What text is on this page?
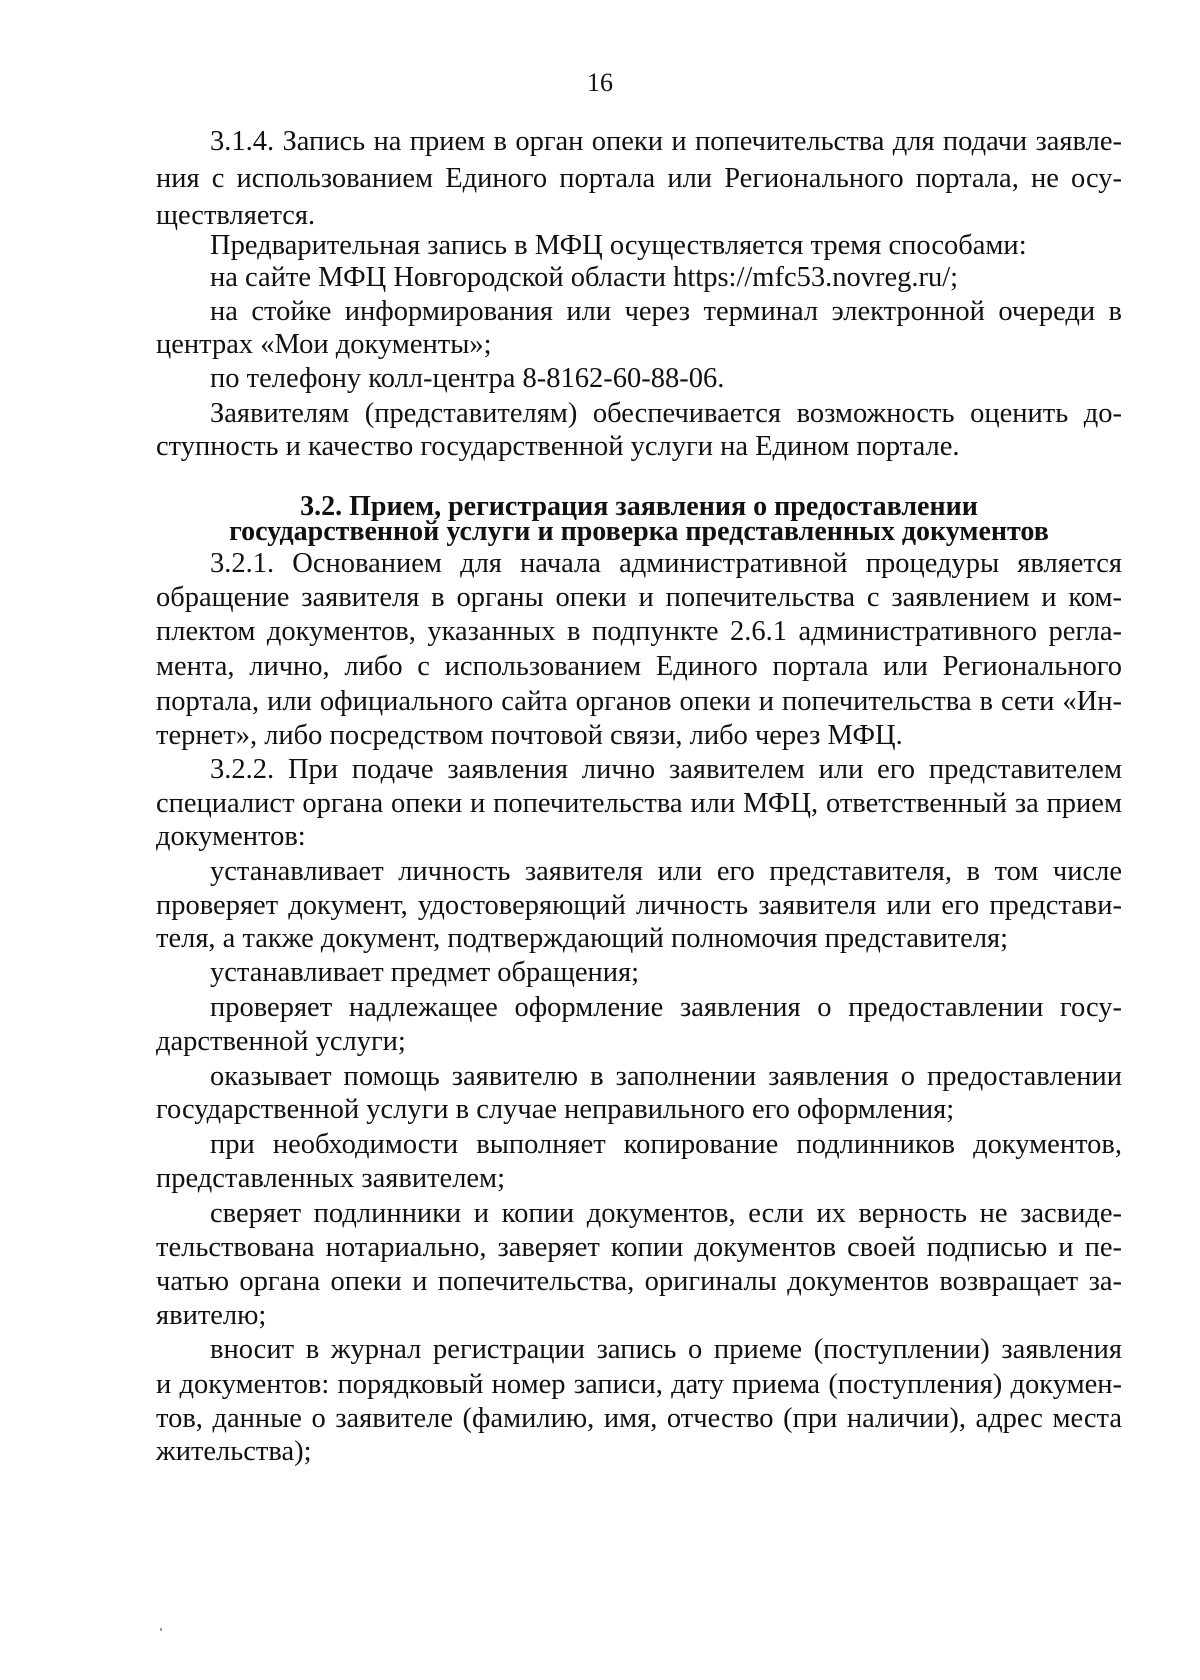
16
3.1.4. Запись на прием в орган опеки и попечительства для подачи заявле-
ния с использованием Единого портала или Регионального портала, не осу-
ществляется.
Предварительная запись в МФЦ осуществляется тремя способами:
на сайте МФЦ Новгородской области https://mfc53.novreg.ru/;
на стойке информирования или через терминал электронной очереди в
центрах «Мои документы»;
по телефону колл-центра 8-8162-60-88-06.
Заявителям (представителям) обеспечивается возможность оценить до-
ступность и качество государственной услуги на Едином портале.
3.2. Прием, регистрация заявления о предоставлении
государственной услуги и проверка представленных документов
3.2.1. Основанием для начала административной процедуры является
обращение заявителя в органы опеки и попечительства с заявлением и ком-
плектом документов, указанных в подпункте 2.6.1 административного регла-
мента, лично, либо с использованием Единого портала или Регионального
портала, или официального сайта органов опеки и попечительства в сети «Ин-
тернет», либо посредством почтовой связи, либо через МФЦ.
3.2.2. При подаче заявления лично заявителем или его представителем
специалист органа опеки и попечительства или МФЦ, ответственный за прием
документов:
устанавливает личность заявителя или его представителя, в том числе
проверяет документ, удостоверяющий личность заявителя или его представи-
теля, а также документ, подтверждающий полномочия представителя;
устанавливает предмет обращения;
проверяет надлежащее оформление заявления о предоставлении госу-
дарственной услуги;
оказывает помощь заявителю в заполнении заявления о предоставлении
государственной услуги в случае неправильного его оформления;
при необходимости выполняет копирование подлинников документов,
представленных заявителем;
сверяет подлинники и копии документов, если их верность не засвиде-
тельствована нотариально, заверяет копии документов своей подписью и пе-
чатью органа опеки и попечительства, оригиналы документов возвращает за-
явителю;
вносит в журнал регистрации запись о приеме (поступлении) заявления
и документов: порядковый номер записи, дату приема (поступления) докумен-
тов, данные о заявителе (фамилию, имя, отчество (при наличии), адрес места
жительства);
